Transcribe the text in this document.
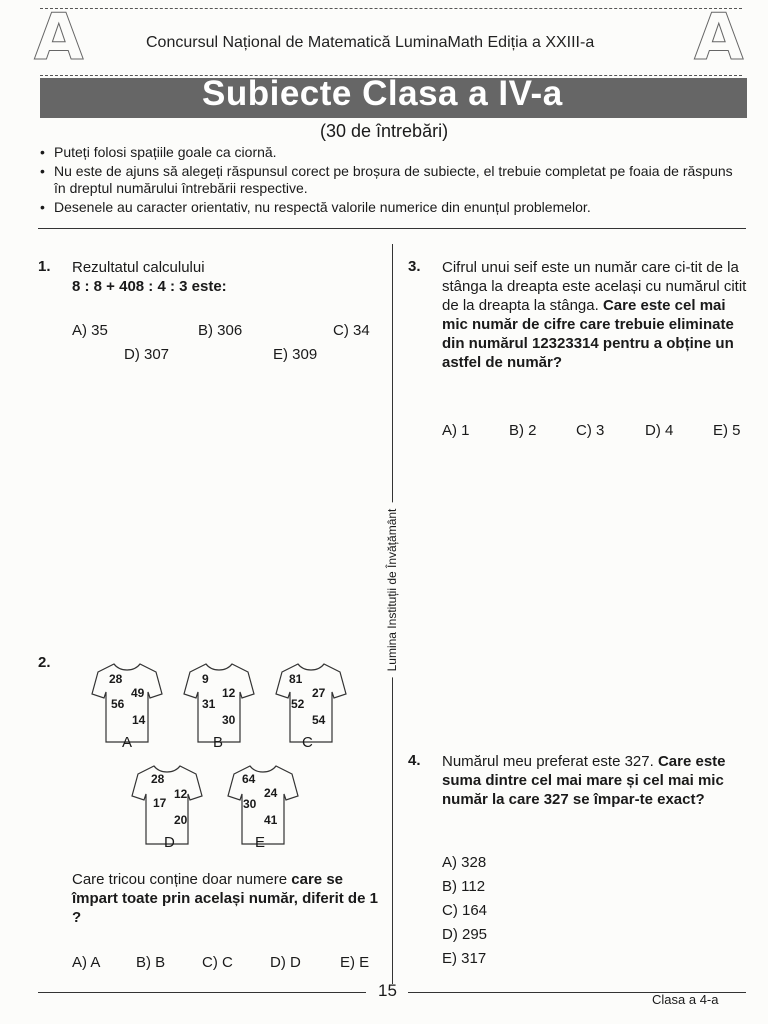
A	A
Concursul Național de Matematică LuminaMath Ediția a XXIII-a
Subiecte Clasa a IV-a
(30 de întrebări)
• Puteți folosi spațiile goale ca ciornă.
• Nu este de ajuns să alegeți răspunsul corect pe broșura de subiecte, el trebuie completat pe foaia de răspuns în dreptul numărului întrebării respective.
• Desenele au caracter orientativ, nu respectă valorile numerice din enunțul problemelor.
Lumina Instituții de Învățământ
1. Rezultatul calculului
8 : 8 + 408 : 4 : 3 este:
A) 35	B) 306	C) 34
D) 307	E) 309
2.
28
49
56
14
A
9
12
31
30
B
81
27
52
54
C
28
12
17
20
D
64
24
30
41
E
Care tricou conține doar numere care se împart toate prin același număr, diferit de 1 ?
A) A B) B C) C D) D	E) E
3. Cifrul unui seif este un număr care ci-tit de la stânga la dreapta este același cu numărul citit de la dreapta la stânga. Care este cel mai mic număr de cifre care trebuie eliminate din numărul 12323314 pentru a obține un astfel de număr?
A) 1	B) 2	C) 3	D) 4	E) 5
4. Numărul meu preferat este 327. Care este suma dintre cel mai mare și cel mai mic număr la care 327 se împar-te exact?
A) 328
B) 112
C) 164
D) 295
E) 317
15	Clasa a 4-a
